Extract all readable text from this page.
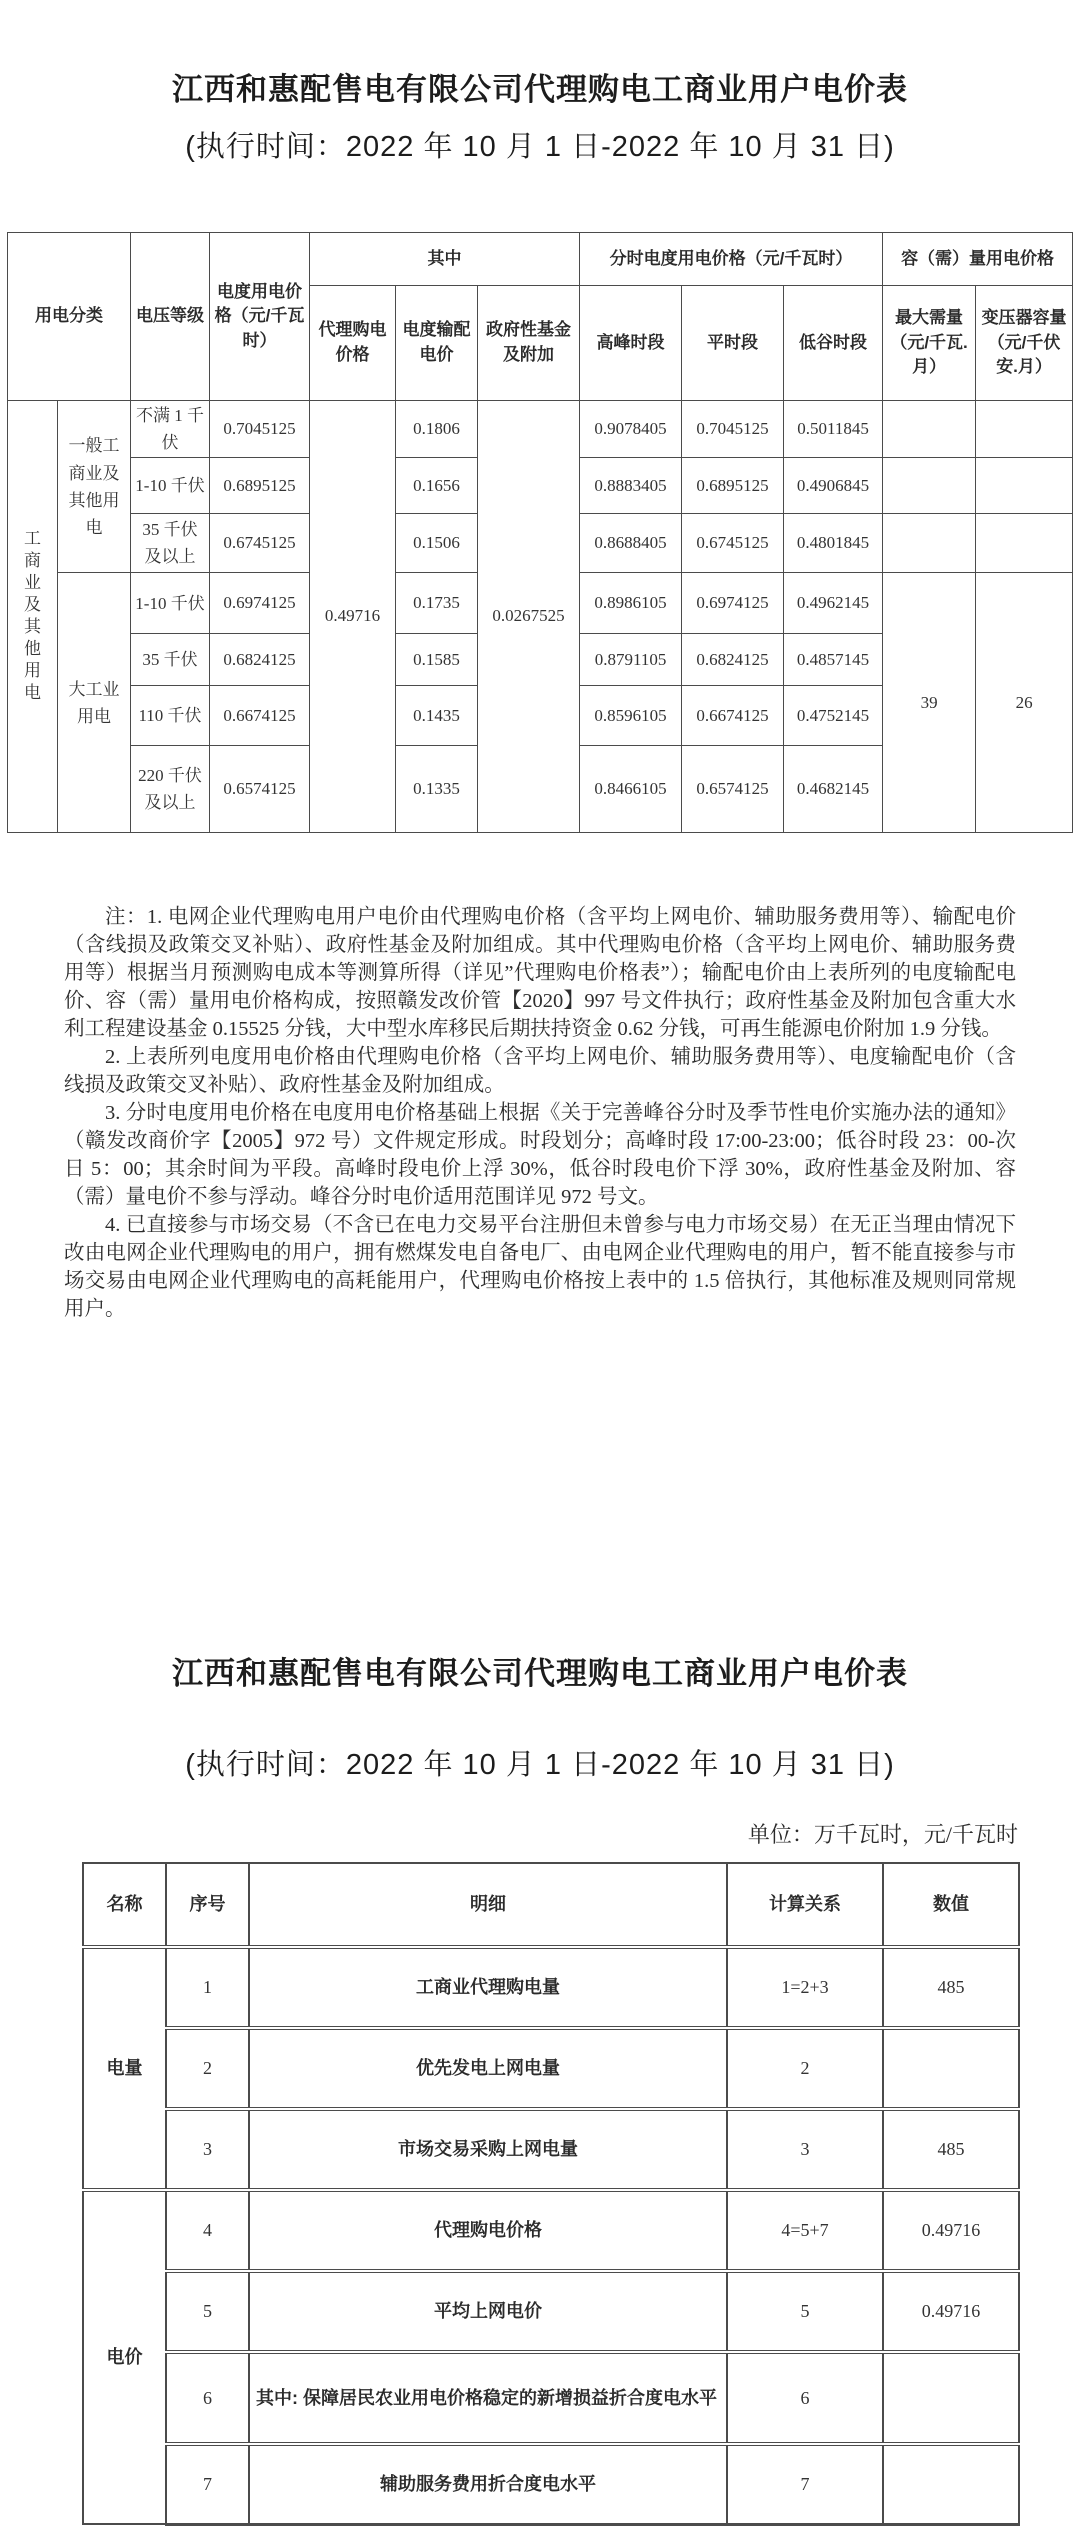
江西和惠配售电有限公司代理购电工商业用户电价表
(执行时间：2022 年 10 月 1 日-2022 年 10 月 31 日)
用电分类		电压等级	电度用电价格（元/千瓦时）	其中			分时电度用电价格（元/千瓦时）			容（需）量用电价格	
				代理购电价格	电度输配电价	政府性基金及附加	高峰时段	平时段	低谷时段	最大需量（元/千瓦.月）	变压器容量（元/千伏安.月）
工商业及其他用电	一般工商业及其他用电	不满 1 千伏	0.7045125	0.49716	0.1806	0.0267525	0.9078405	0.7045125	0.5011845		
		1-10 千伏	0.6895125		0.1656		0.8883405	0.6895125	0.4906845		
		35 千伏及以上	0.6745125		0.1506		0.8688405	0.6745125	0.4801845		
	大工业用电	1-10 千伏	0.6974125		0.1735		0.8986105	0.6974125	0.4962145	39	26
		35 千伏	0.6824125		0.1585		0.8791105	0.6824125	0.4857145		
		110 千伏	0.6674125		0.1435		0.8596105	0.6674125	0.4752145		
		220 千伏及以上	0.6574125		0.1335		0.8466105	0.6574125	0.4682145		

注：1. 电网企业代理购电用户电价由代理购电价格（含平均上网电价、辅助服务费用等）、输配电价（含线损及政策交叉补贴）、政府性基金及附加组成。其中代理购电价格（含平均上网电价、辅助服务费用等）根据当月预测购电成本等测算所得（详见”代理购电价格表”）；输配电价由上表所列的电度输配电价、容（需）量用电价格构成，按照赣发改价管【2020】997 号文件执行；政府性基金及附加包含重大水利工程建设基金 0.15525 分钱，大中型水库移民后期扶持资金 0.62 分钱，可再生能源电价附加 1.9 分钱。

2. 上表所列电度用电价格由代理购电价格（含平均上网电价、辅助服务费用等）、电度输配电价（含线损及政策交叉补贴）、政府性基金及附加组成。

3. 分时电度用电价格在电度用电价格基础上根据《关于完善峰谷分时及季节性电价实施办法的通知》（赣发改商价字【2005】972 号）文件规定形成。时段划分；高峰时段 17:00-23:00；低谷时段 23：00-次日 5：00；其余时间为平段。高峰时段电价上浮 30%，低谷时段电价下浮 30%，政府性基金及附加、容（需）量电价不参与浮动。峰谷分时电价适用范围详见 972 号文。

4. 已直接参与市场交易（不含已在电力交易平台注册但未曾参与电力市场交易）在无正当理由情况下改由电网企业代理购电的用户，拥有燃煤发电自备电厂、由电网企业代理购电的用户，暂不能直接参与市场交易由电网企业代理购电的高耗能用户，代理购电价格按上表中的 1.5 倍执行，其他标准及规则同常规用户。

江西和惠配售电有限公司代理购电工商业用户电价表
(执行时间：2022 年 10 月 1 日-2022 年 10 月 31 日)
单位：万千瓦时，元/千瓦时
名称	序号	明细	计算关系	数值
电量	1	工商业代理购电量	1=2+3	485
	2	优先发电上网电量	2	
	3	市场交易采购上网电量	3	485
电价	4	代理购电价格	4=5+7	0.49716
	5	平均上网电价	5	0.49716
	6	其中: 保障居民农业用电价格稳定的新增损益折合度电水平	6	
	7	辅助服务费用折合度电水平	7	
